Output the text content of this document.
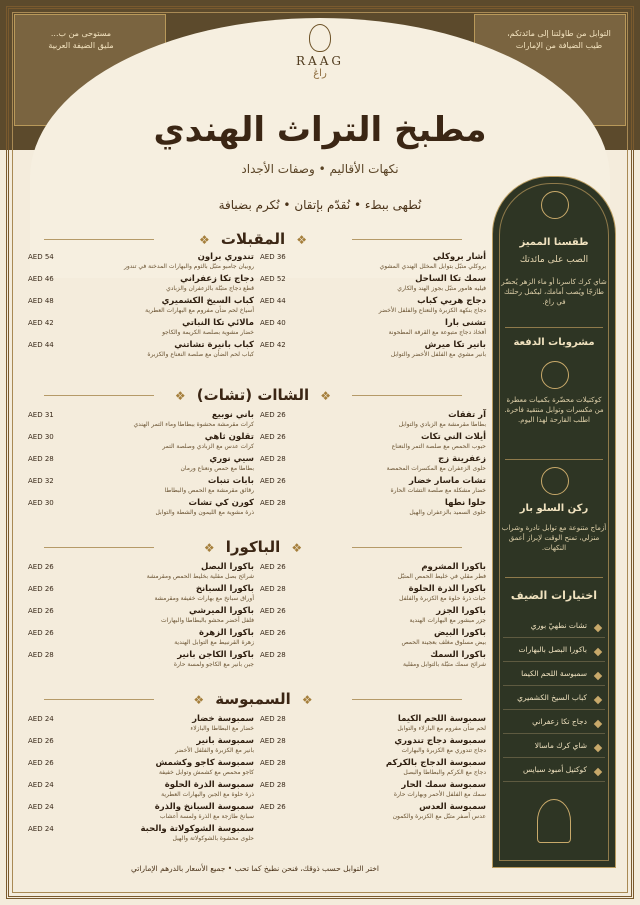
مستوحى من ب...
مليق الضيفة العربية
التوابل من طاولتنا إلى مائدتكم،
طيب الضيافة من الإمارات
RAAG
راڠ
مطبخ التراث الهندي
نكهات الأقاليم • وصفات الأجداد
نُطهى ببطء • نُقدّم بإتقان • نُكرم بضيافة
❖ المقبلات ❖
أشار بروكلي
بروكلي متبّل بتوابل المخلل الهندي المشوي
AED 36
سمك تكا الساحل
فيليه هامور متبّل بجوز الهند والكاري
AED 52
دجاج هريي كباب
دجاج بنكهة الكزبرة والنعناع والفلفل الأخضر
AED 44
تشنى بارا
أفخاذ دجاج متبوعة مع القرفة المطحونة
AED 40
بانير تكا ميرش
بانير مشوي مع الفلفل الأخضر والتوابل
AED 42
تندوري براون
روبيان جامبو متبّل بالثوم والبهارات المدخنة في تندور
AED 54
دجاج تكا زعفراني
قطع دجاج متبّلة بالزعفران والزبادي
AED 46
كباب السيخ الكشميري
أسياخ لحم ضأن مفروم مع البهارات العطرية
AED 48
مالائي تكا النباتي
خضار مشوية بصلصة الكريمة والكاجو
AED 42
كباب بانيرة تشاتني
كباب لحم الضأن مع صلصة النعناع والكزبرة
AED 44
❖ الشاات (تشات) ❖
آر تفقات
بطاطا مقرمشة مع الزبادي والتوابل
AED 26
أيلات الني تكات
حبوب الحمص مع صلصة التمر والنعناع
AED 26
زعفرينة زج
حلوى الزعفران مع المكسرات المحمصة
AED 28
تشات ماسار خضار
خضار مشكلة مع صلصة التشات الحارة
AED 26
حلوا نطها
حلوى السميد بالزعفران والهيل
AED 28
باني نوبيع
كرات مقرمشة محشوة ببطاطا وماء التمر الهندي
AED 31
تقلون ثاهي
كرات عدس مع الزبادي وصلصة التمر
AED 30
سيي نوري
بطاطا مع حمص ونعناع ورمان
AED 28
بابات تنبات
رقائق مقرمشة مع الحمص والبطاطا
AED 32
كورن كي تشات
ذرة مشوية مع الليمون والشطة والتوابل
AED 30
❖ الباكورا ❖
باكورا المشروم
فطر مقلي في خليط الحمص المتبّل
AED 26
باكورا الذرة الحلوة
حبات ذرة حلوة مع الكزبرة والفلفل
AED 28
باكورا الجزر
جزر مبشور مع البهارات الهندية
AED 26
باكورا البيض
بيض مسلوق مغلف بعجينة الحمص
AED 26
باكورا السمك
شرائح سمك متبّلة بالتوابل ومقلية
AED 28
باكورا البصل
شرائح بصل مقلية بخليط الحمص ومقرمشة
AED 26
باكورا السبانخ
أوراق سبانخ مع بهارات خفيفة ومقرمشة
AED 26
باكورا الميرشي
فلفل أخضر محشو بالبطاطا والبهارات
AED 26
باكورا الزهرة
زهرة القرنبيط مع التوابل الهندية
AED 26
باكورا الكاجن بانير
جبن بانير مع الكاجو ولمسة حارة
AED 28
❖ السمبوسة ❖
سمبوسة اللحم الكيما
لحم ضأن مفروم مع البازلاء والتوابل
AED 28
سمبوسة دجاج تندوري
دجاج تندوري مع الكزبرة والبهارات
AED 28
سمبوسة الدجاج بالكركم
دجاج مع الكركم والبطاطا والبصل
AED 28
سمبوسة سمك الحار
سمك مع الفلفل الأحمر وبهارات حارة
AED 28
سمبوسة العدس
عدس أصفر متبّل مع الكزبرة والكمون
AED 26
سمبوسة خضار
خضار مع البطاطا والبازلاء
AED 24
سمبوسة بانير
بانير مع الكزبرة والفلفل الأخضر
AED 26
سمبوسة كاجو وكشمش
كاجو محمص مع كشمش وتوابل خفيفة
AED 26
سمبوسة الذرة الحلوة
ذرة حلوة مع الجبن والبهارات العطرية
AED 24
سمبوسة السبانخ والذرة
سبانخ طازجة مع الذرة ولمسة أعشاب
AED 24
سمبوسة الشوكولاتة والحبة
حلوى محشوة بالشوكولاتة والهيل
AED 24
طقسنا المميز
الصب على مائدتك
شاي كرك كاسرنا أو ماء الزهر يُحضّر طازجًا ويُصب أمامك، ليكمل رحلتك في راغ.
مشروبات الدفعة
كوكتيلات محضّرة بكميات معطرة من مكسرات وتوابل منتقية فاخرة. اطلب القارحة لهذا اليوم.
ركن السلو بار
أزماج متنوعة مع توابل نادرة وشراب منزلي، تمنح الوقت لإبراز أعمق النكهات.
اختيارات الضيف
تشات نطهيّ بوري
باكورا البصل بالبهارات
سمبوسة اللحم الكيما
كباب السيخ الكشميري
دجاج تكا زعفراني
شاي كرك ماسالا
كوكتيل أمبود سبايس
اختر التوابل حسب ذوقك، فنحن نطبخ كما تحب • جميع الأسعار بالدرهم الإماراتي
